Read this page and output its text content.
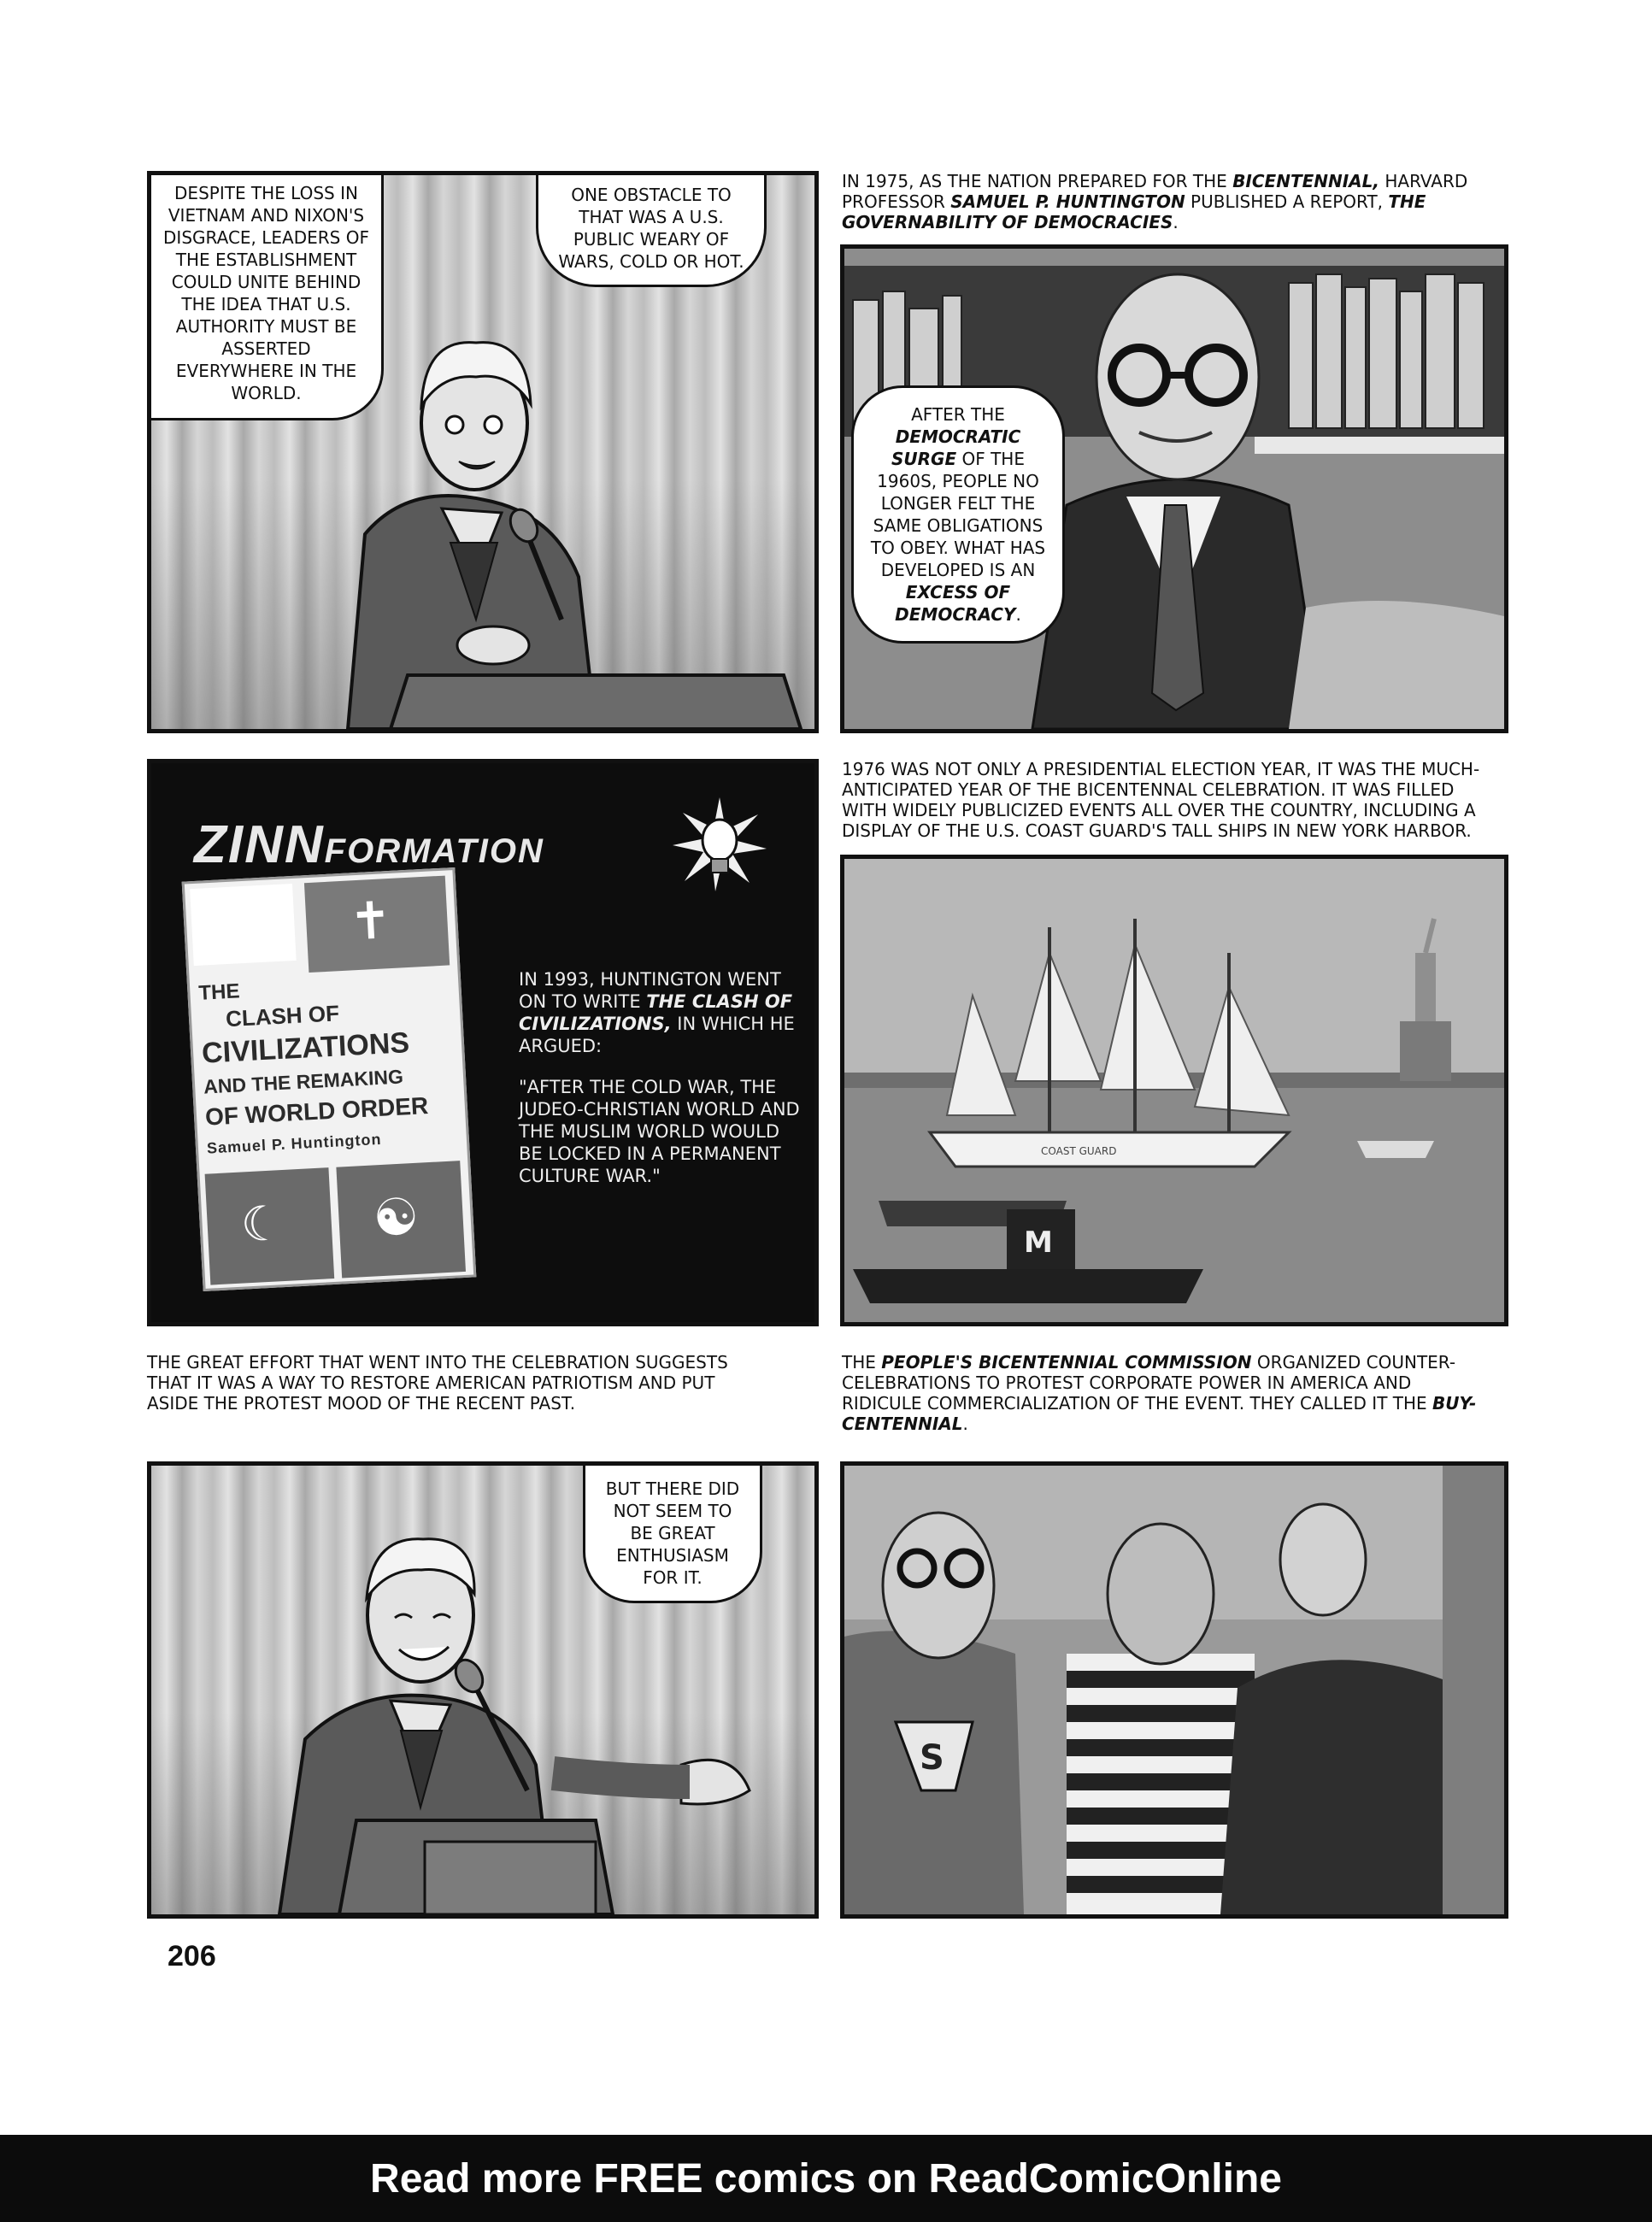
DESPITE THE LOSS IN VIETNAM AND NIXON'S DISGRACE, LEADERS OF THE ESTABLISHMENT COULD UNITE BEHIND THE IDEA THAT U.S. AUTHORITY MUST BE ASSERTED EVERYWHERE IN THE WORLD.
ONE OBSTACLE TO THAT WAS A U.S. PUBLIC WEARY OF WARS, COLD OR HOT.
IN 1975, AS THE NATION PREPARED FOR THE BICENTENNIAL, HARVARD PROFESSOR SAMUEL P. HUNTINGTON PUBLISHED A REPORT, THE GOVERNABILITY OF DEMOCRACIES.
AFTER THE DEMOCRATIC SURGE OF THE 1960S, PEOPLE NO LONGER FELT THE SAME OBLIGATIONS TO OBEY. WHAT HAS DEVELOPED IS AN EXCESS OF DEMOCRACY.
ZINNFORMATION
✝
THE
CLASH OF
CIVILIZATIONS
AND THE REMAKING
OF WORLD ORDER
Samuel P. Huntington
☾ ☯
IN 1993, HUNTINGTON WENT ON TO WRITE THE CLASH OF CIVILIZATIONS, IN WHICH HE ARGUED:
"AFTER THE COLD WAR, THE JUDEO-CHRISTIAN WORLD AND THE MUSLIM WORLD WOULD BE LOCKED IN A PERMANENT CULTURE WAR."
1976 WAS NOT ONLY A PRESIDENTIAL ELECTION YEAR, IT WAS THE MUCH-ANTICIPATED YEAR OF THE BICENTENNAL CELEBRATION. IT WAS FILLED WITH WIDELY PUBLICIZED EVENTS ALL OVER THE COUNTRY, INCLUDING A DISPLAY OF THE U.S. COAST GUARD'S TALL SHIPS IN NEW YORK HARBOR.
COAST GUARD
M
THE GREAT EFFORT THAT WENT INTO THE CELEBRATION SUGGESTS THAT IT WAS A WAY TO RESTORE AMERICAN PATRIOTISM AND PUT ASIDE THE PROTEST MOOD OF THE RECENT PAST.
BUT THERE DID NOT SEEM TO BE GREAT ENTHUSIASM FOR IT.
THE PEOPLE'S BICENTENNIAL COMMISSION ORGANIZED COUNTER-CELEBRATIONS TO PROTEST CORPORATE POWER IN AMERICA AND RIDICULE COMMERCIALIZATION OF THE EVENT. THEY CALLED IT THE BUY-CENTENNIAL.
S
206
Read more FREE comics on ReadComicOnline
